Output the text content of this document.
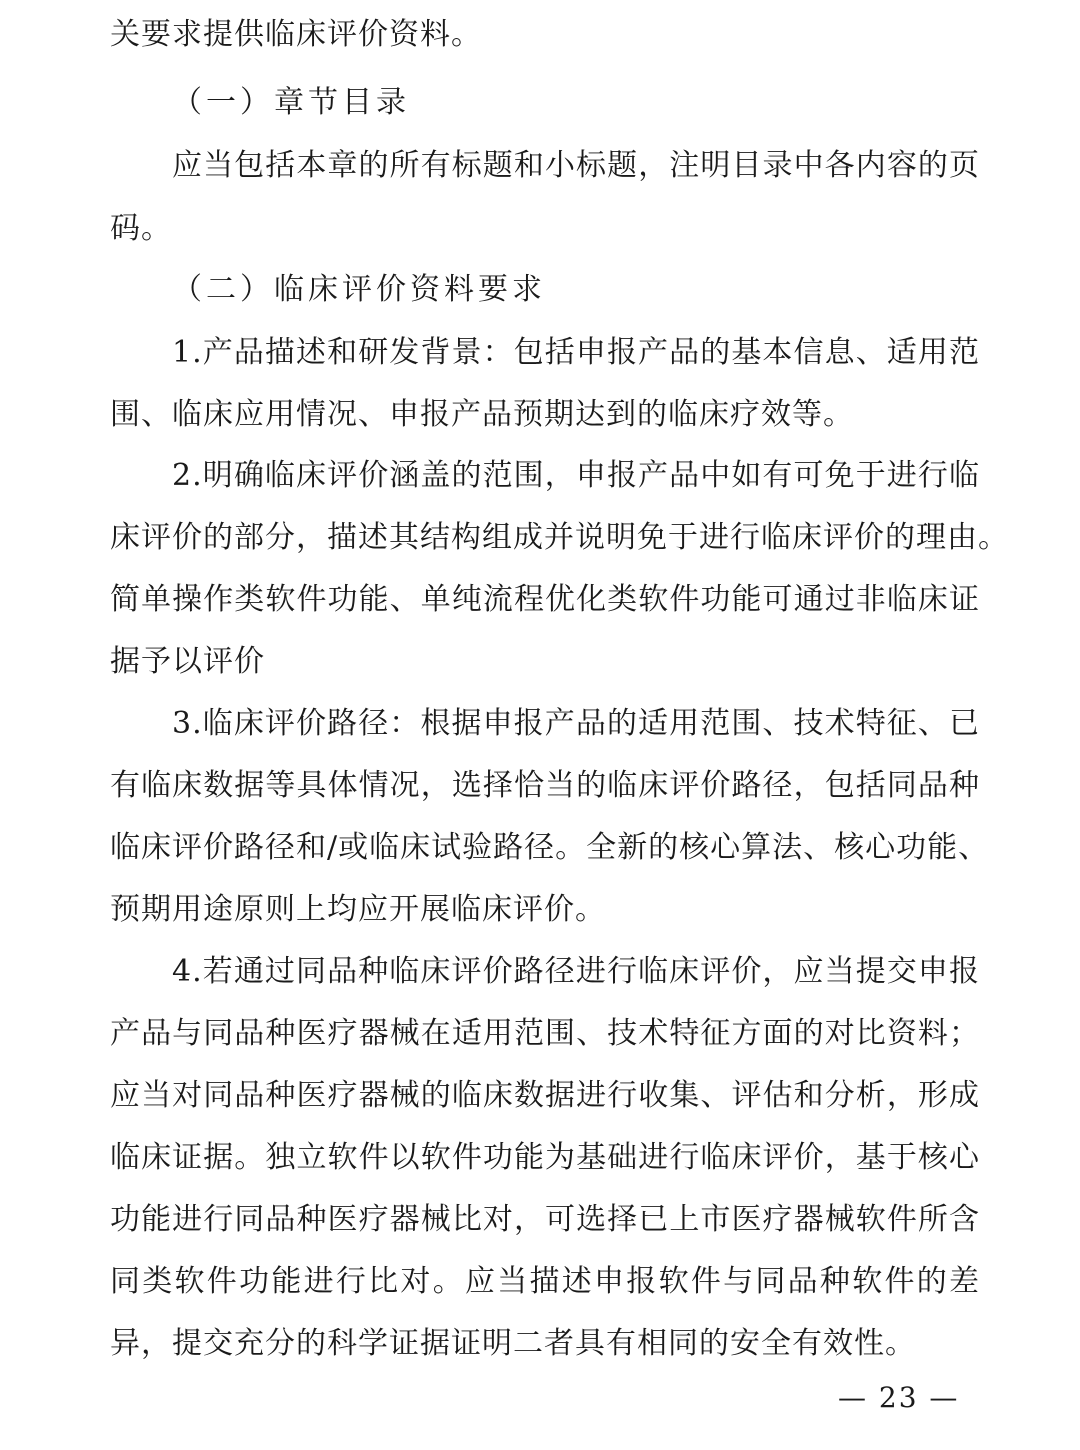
关要求提供临床评价资料。
（一）章节目录
应当包括本章的所有标题和小标题，注明目录中各内容的页
码。
（二）临床评价资料要求
1.产品描述和研发背景：包括申报产品的基本信息、适用范
围、临床应用情况、申报产品预期达到的临床疗效等。
2.明确临床评价涵盖的范围，申报产品中如有可免于进行临
床评价的部分，描述其结构组成并说明免于进行临床评价的理由。
简单操作类软件功能、单纯流程优化类软件功能可通过非临床证
据予以评价
3.临床评价路径：根据申报产品的适用范围、技术特征、已
有临床数据等具体情况，选择恰当的临床评价路径，包括同品种
临床评价路径和/或临床试验路径。全新的核心算法、核心功能、
预期用途原则上均应开展临床评价。
4.若通过同品种临床评价路径进行临床评价，应当提交申报
产品与同品种医疗器械在适用范围、技术特征方面的对比资料；
应当对同品种医疗器械的临床数据进行收集、评估和分析，形成
临床证据。独立软件以软件功能为基础进行临床评价，基于核心
功能进行同品种医疗器械比对，可选择已上市医疗器械软件所含
同类软件功能进行比对。应当描述申报软件与同品种软件的差
异，提交充分的科学证据证明二者具有相同的安全有效性。
— 23 —
